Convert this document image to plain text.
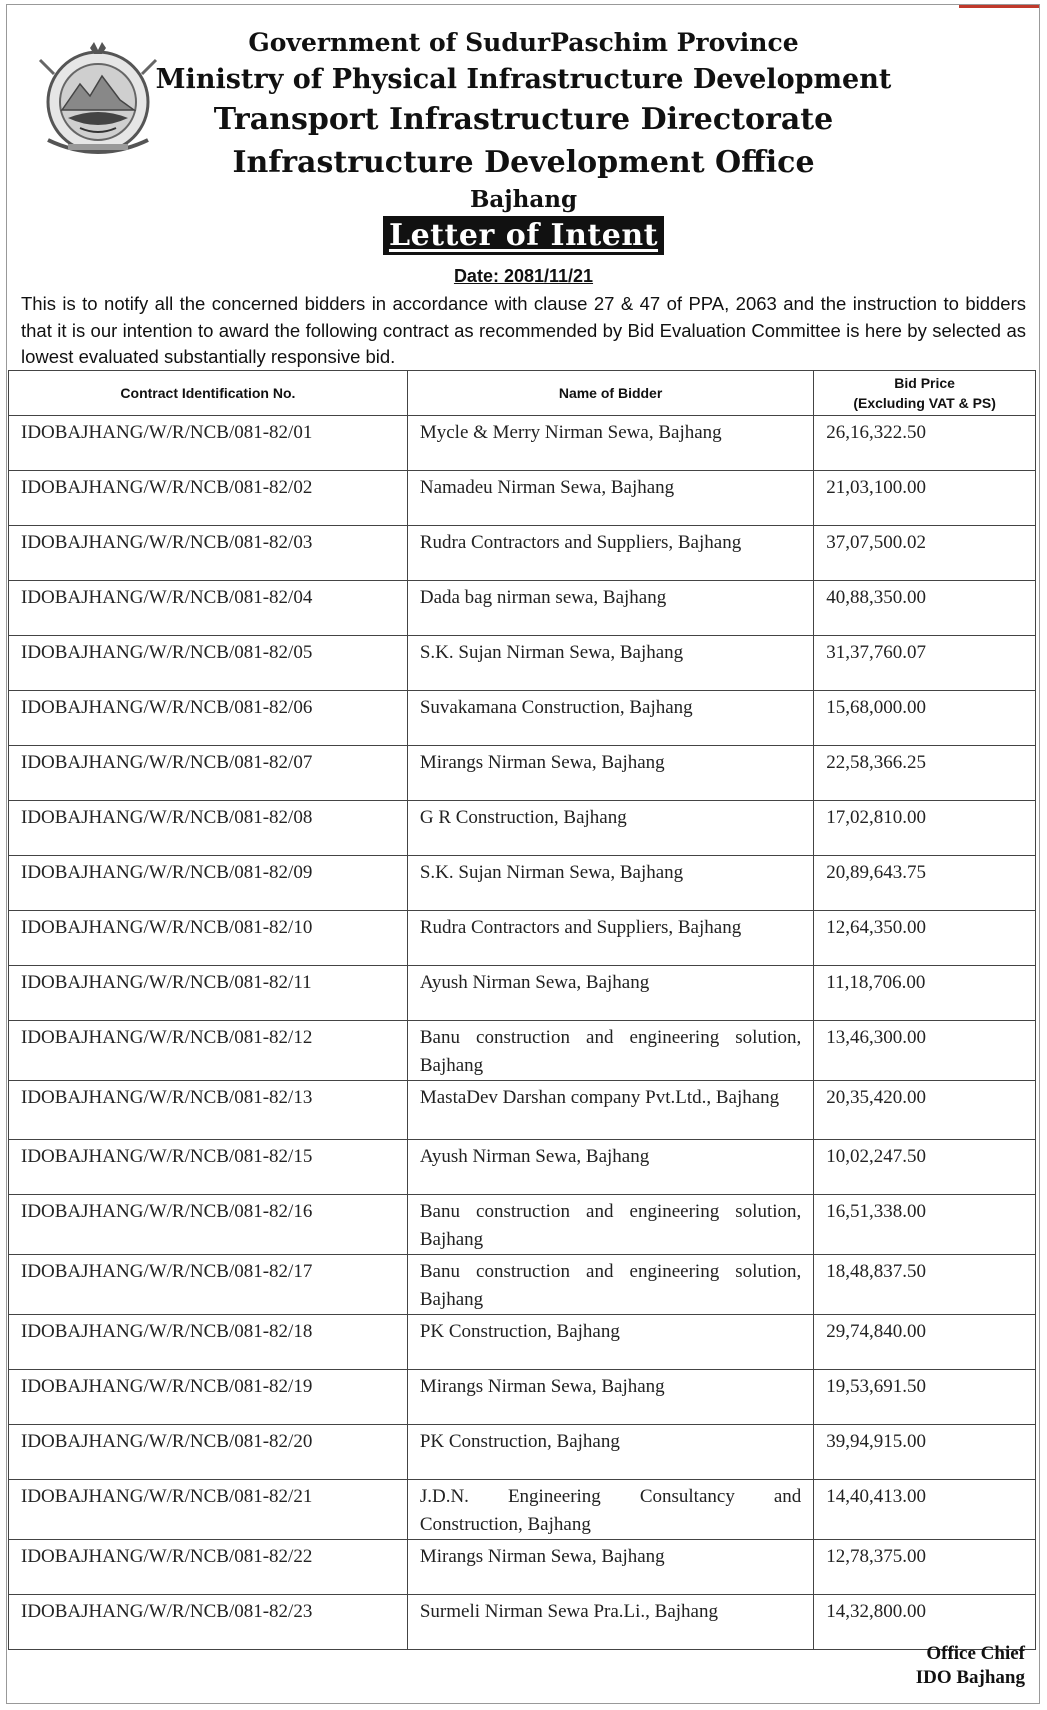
Government of SudurPaschim Province
Ministry of Physical Infrastructure Development
Transport Infrastructure Directorate
Infrastructure Development Office
Bajhang
Letter of Intent
Date: 2081/11/21
This is to notify all the concerned bidders in accordance with clause 27 & 47 of PPA, 2063 and the instruction to bidders that it is our intention to award the following contract as recommended by Bid Evaluation Committee is here by selected as lowest evaluated substantially responsive bid.
Contract Identification No.	Name of Bidder	Bid Price
(Excluding VAT & PS)

IDOBAJHANG/W/R/NCB/081-82/01	Mycle & Merry Nirman Sewa, Bajhang	26,16,322.50
IDOBAJHANG/W/R/NCB/081-82/02	Namadeu Nirman Sewa, Bajhang	21,03,100.00
IDOBAJHANG/W/R/NCB/081-82/03	Rudra Contractors and Suppliers, Bajhang	37,07,500.02
IDOBAJHANG/W/R/NCB/081-82/04	Dada bag nirman sewa, Bajhang	40,88,350.00
IDOBAJHANG/W/R/NCB/081-82/05	S.K. Sujan Nirman Sewa, Bajhang	31,37,760.07
IDOBAJHANG/W/R/NCB/081-82/06	Suvakamana Construction, Bajhang	15,68,000.00
IDOBAJHANG/W/R/NCB/081-82/07	Mirangs Nirman Sewa, Bajhang	22,58,366.25
IDOBAJHANG/W/R/NCB/081-82/08	G R Construction, Bajhang	17,02,810.00
IDOBAJHANG/W/R/NCB/081-82/09	S.K. Sujan Nirman Sewa, Bajhang	20,89,643.75
IDOBAJHANG/W/R/NCB/081-82/10	Rudra Contractors and Suppliers, Bajhang	12,64,350.00
IDOBAJHANG/W/R/NCB/081-82/11	Ayush Nirman Sewa, Bajhang	11,18,706.00
IDOBAJHANG/W/R/NCB/081-82/12	Banu construction and engineering solution, Bajhang	13,46,300.00
IDOBAJHANG/W/R/NCB/081-82/13	MastaDev Darshan company Pvt.Ltd., Bajhang	20,35,420.00
IDOBAJHANG/W/R/NCB/081-82/15	Ayush Nirman Sewa, Bajhang	10,02,247.50
IDOBAJHANG/W/R/NCB/081-82/16	Banu construction and engineering solution, Bajhang	16,51,338.00
IDOBAJHANG/W/R/NCB/081-82/17	Banu construction and engineering solution, Bajhang	18,48,837.50
IDOBAJHANG/W/R/NCB/081-82/18	PK Construction, Bajhang	29,74,840.00
IDOBAJHANG/W/R/NCB/081-82/19	Mirangs Nirman Sewa, Bajhang	19,53,691.50
IDOBAJHANG/W/R/NCB/081-82/20	PK Construction, Bajhang	39,94,915.00
IDOBAJHANG/W/R/NCB/081-82/21	J.D.N. Engineering Consultancy and Construction, Bajhang	14,40,413.00
IDOBAJHANG/W/R/NCB/081-82/22	Mirangs Nirman Sewa, Bajhang	12,78,375.00
IDOBAJHANG/W/R/NCB/081-82/23	Surmeli Nirman Sewa Pra.Li., Bajhang	14,32,800.00
Office Chief
IDO Bajhang
